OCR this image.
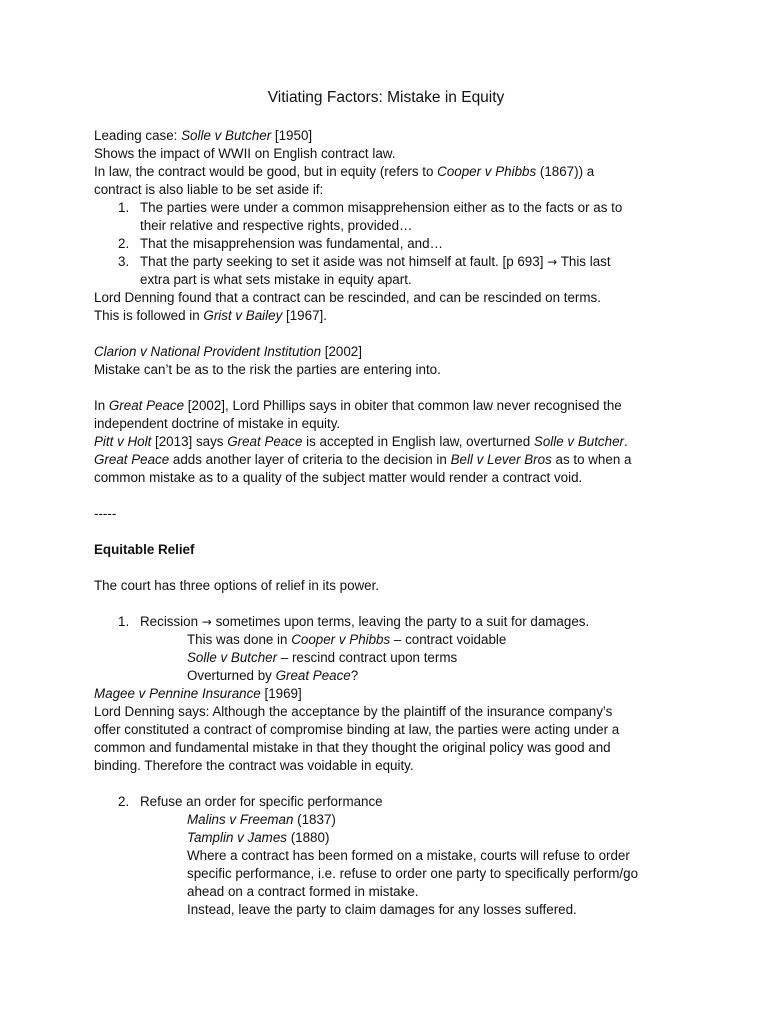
Vitiating Factors: Mistake in Equity

Leading case: Solle v Butcher [1950]

Shows the impact of WWII on English contract law.

In law, the contract would be good, but in equity (refers to Cooper v Phibbs (1867)) a

contract is also liable to be set aside if:

1. The parties were under a common misapprehension either as to the facts or as to
their relative and respective rights, provided…
2. That the misapprehension was fundamental, and…
3. That the party seeking to set it aside was not himself at fault. [p 693] → This last
extra part is what sets mistake in equity apart.

Lord Denning found that a contract can be rescinded, and can be rescinded on terms.

This is followed in Grist v Bailey [1967].

Clarion v National Provident Institution [2002]

Mistake can’t be as to the risk the parties are entering into.

In Great Peace [2002], Lord Phillips says in obiter that common law never recognised the

independent doctrine of mistake in equity.

Pitt v Holt [2013] says Great Peace is accepted in English law, overturned Solle v Butcher.

Great Peace adds another layer of criteria to the decision in Bell v Lever Bros as to when a

common mistake as to a quality of the subject matter would render a contract void.

-----

Equitable Relief

The court has three options of relief in its power.

1. Recission → sometimes upon terms, leaving the party to a suit for damages.

This was done in Cooper v Phibbs – contract voidable

Solle v Butcher – rescind contract upon terms

Overturned by Great Peace?

Magee v Pennine Insurance [1969]

Lord Denning says: Although the acceptance by the plaintiff of the insurance company’s

offer constituted a contract of compromise binding at law, the parties were acting under a

common and fundamental mistake in that they thought the original policy was good and

binding. Therefore the contract was voidable in equity.

2. Refuse an order for specific performance

Malins v Freeman (1837)

Tamplin v James (1880)

Where a contract has been formed on a mistake, courts will refuse to order

specific performance, i.e. refuse to order one party to specifically perform/go

ahead on a contract formed in mistake.

Instead, leave the party to claim damages for any losses suffered.
